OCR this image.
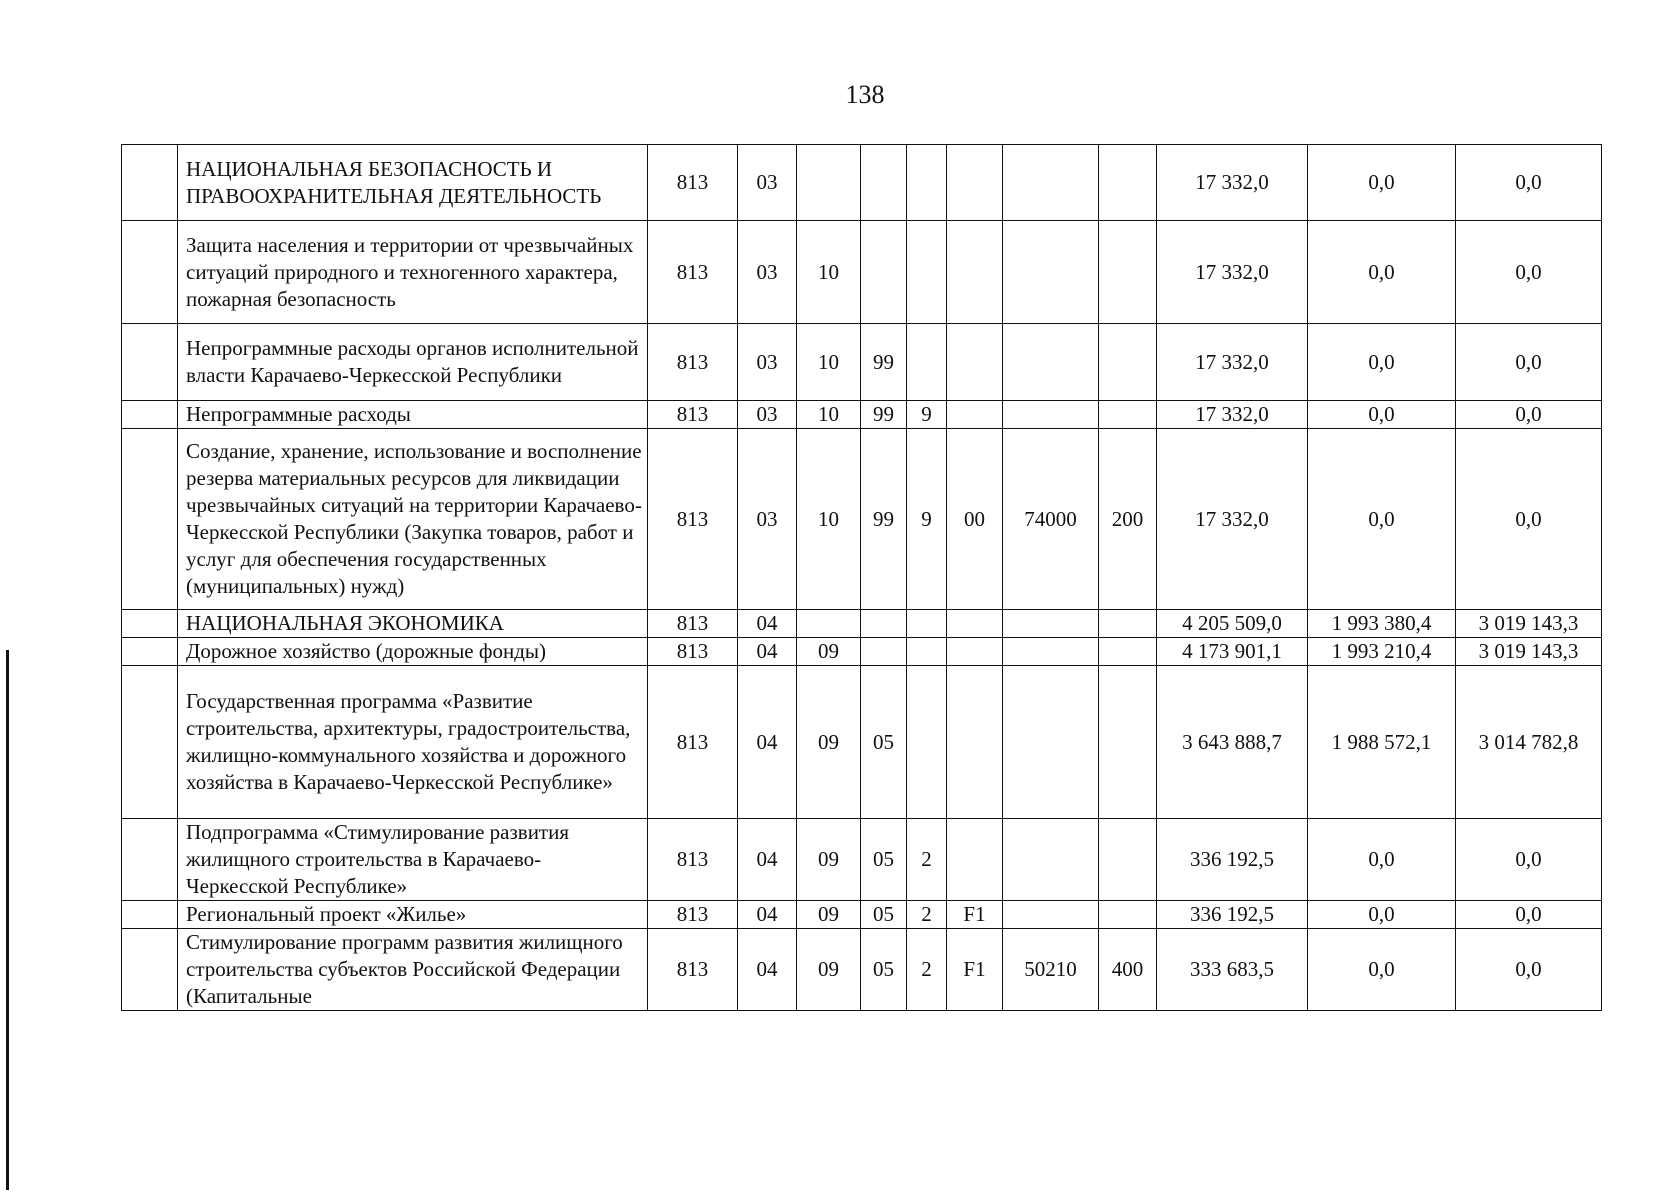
138
	НАЦИОНАЛЬНАЯ БЕЗОПАСНОСТЬ И ПРАВООХРАНИТЕЛЬНАЯ ДЕЯТЕЛЬНОСТЬ	813	03							17 332,0	0,0	0,0
	Защита населения и территории от чрезвычайных ситуаций природного и техногенного характера, пожарная безопасность	813	03	10						17 332,0	0,0	0,0
	Непрограммные расходы органов исполнительной власти Карачаево-Черкесской Республики	813	03	10	99					17 332,0	0,0	0,0
	Непрограммные расходы	813	03	10	99	9				17 332,0	0,0	0,0
	Создание, хранение, использование и восполнение резерва материальных ресурсов для ликвидации чрезвычайных ситуаций на территории Карачаево-Черкесской Республики (Закупка товаров, работ и услуг для обеспечения государственных (муниципальных) нужд)	813	03	10	99	9	00	74000	200	17 332,0	0,0	0,0
	НАЦИОНАЛЬНАЯ ЭКОНОМИКА	813	04							4 205 509,0	1 993 380,4	3 019 143,3
	Дорожное хозяйство (дорожные фонды)	813	04	09						4 173 901,1	1 993 210,4	3 019 143,3
	Государственная программа «Развитие строительства, архитектуры, градостроительства, жилищно-коммунального хозяйства и дорожного хозяйства в Карачаево-Черкесской Республике»	813	04	09	05					3 643 888,7	1 988 572,1	3 014 782,8
	Подпрограмма «Стимулирование развития жилищного строительства в Карачаево-Черкесской Республике»	813	04	09	05	2				336 192,5	0,0	0,0
	Региональный проект «Жилье»	813	04	09	05	2	F1			336 192,5	0,0	0,0
	Стимулирование программ развития жилищного строительства субъектов Российской Федерации (Капитальные	813	04	09	05	2	F1	50210	400	333 683,5	0,0	0,0
